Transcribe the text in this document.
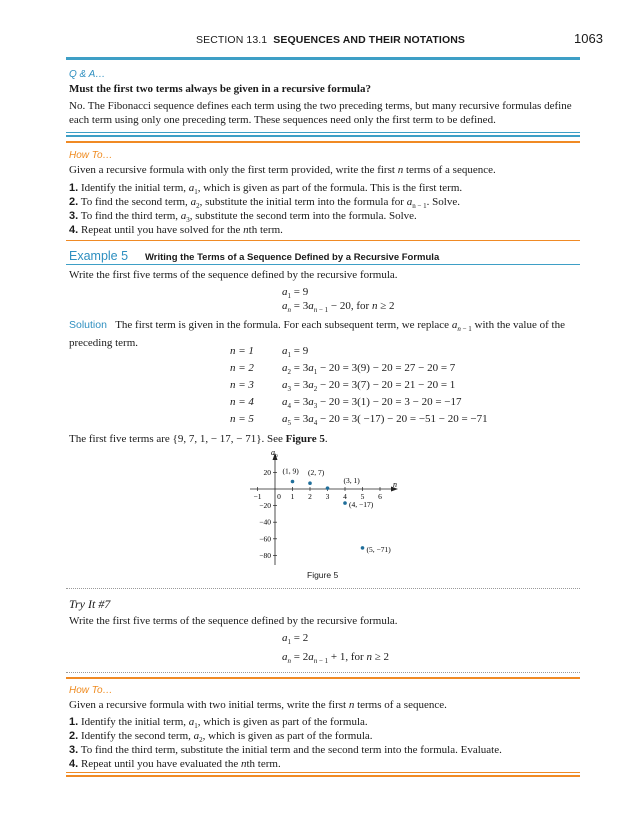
SECTION 13.1 SEQUENCES AND THEIR NOTATIONS	1063
Q & A…
Must the first two terms always be given in a recursive formula?
No. The Fibonacci sequence defines each term using the two preceding terms, but many recursive formulas define each term using only one preceding term. These sequences need only the first term to be defined.
How To…
Given a recursive formula with only the first term provided, write the first n terms of a sequence.
1. Identify the initial term, $a_1$, which is given as part of the formula. This is the first term.
2. To find the second term, $a_2$, substitute the initial term into the formula for $a_{n - 1}$. Solve.
3. To find the third term, $a_3$, substitute the second term into the formula. Solve.
4. Repeat until you have solved for the nth term.
Example 5 Writing the Terms of a Sequence Defined by a Recursive Formula
Write the first five terms of the sequence defined by the recursive formula.
$a_1 = 9$
$a_n = 3a_n$ $_{- 1}$ − 20, for n ≥ 2
Solution The first term is given in the formula. For each subsequent term, we replace $a_n$ $_{- 1}$ with the value of the
preceding term.
n = 1	$a_1 = 9$
n = 2	$a_2 = 3a_1 - 20 = 3(9) - 20 = 27 - 20 = 7$
n = 3	$a_3 = 3a_2 - 20 = 3(7) - 20 = 21 - 20 = 1$
n = 4	$a_4 = 3a_3 - 20 = 3(1) - 20 = 3 - 20 = -17$
n = 5	$a_5 = 3a_4 - 20 = 3( -17) - 20 = -51 - 20 = -71$
The first five terms are {9, 7, 1, − 17, − 71}. See Figure 5.
$a_n$
n
−1 0 1 2 3 4 5 6
20
−20
−40
−60
−80
(1, 9) (2, 7)
(3, 1)
(4, −17)
(5, −71)
Figure 5
Try It #7
Write the first five terms of the sequence defined by the recursive formula.
$a_1 = 2$
$a_n = 2a_n$ $_{- 1}$ + 1, for n ≥ 2
How To…
Given a recursive formula with two initial terms, write the first n terms of a sequence.
1. Identify the initial term, $a_1$, which is given as part of the formula.
2. Identify the second term, $a_2$, which is given as part of the formula.
3. To find the third term, substitute the initial term and the second term into the formula. Evaluate.
4. Repeat until you have evaluated the nth term.
